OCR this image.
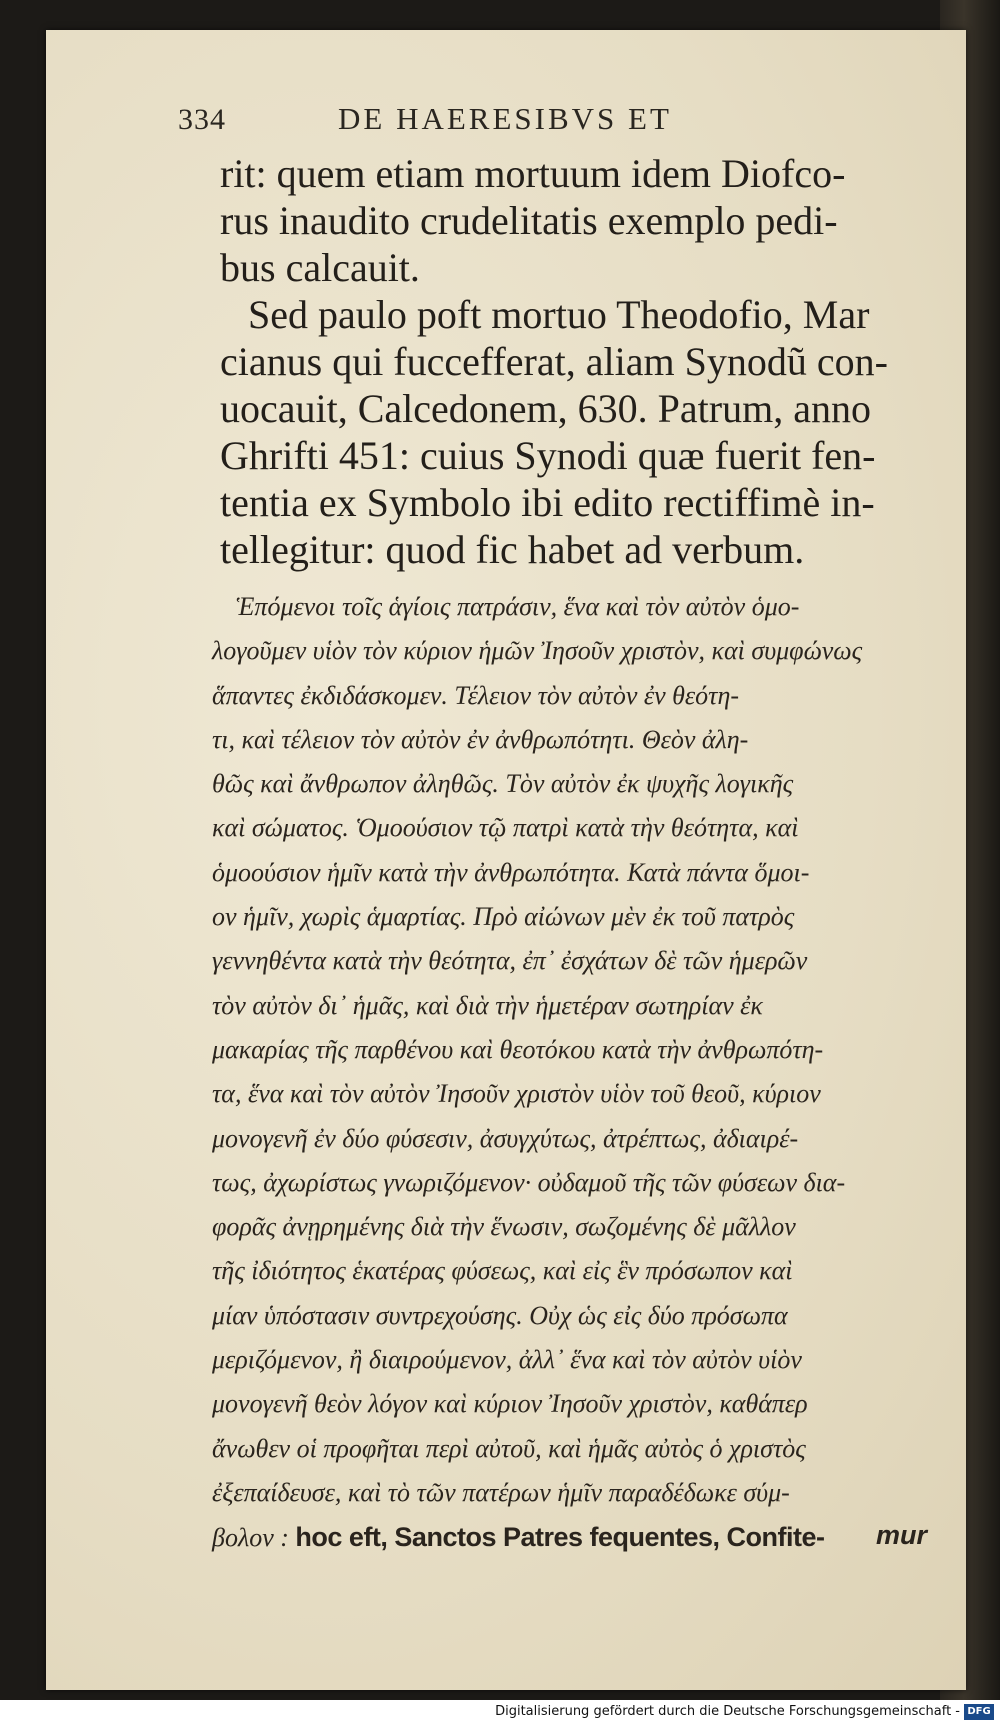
334	DE HAERESIBVS ET
rit: quem etiam mortuum idem Diofco-
rus inaudito crudelitatis exemplo pedi-
bus calcauit.
Sed paulo poft mortuo Theodofio, Mar
cianus qui fuccefferat, aliam Synodũ con-
uocauit, Calcedonem, 630. Patrum, anno
Ghrifti 451: cuius Synodi quæ fuerit fen-
tentia ex Symbolo ibi edito rectiffimè in-
tellegitur: quod fic habet ad verbum.
Ἑπόμενοι τοῖς ἁγίοις πατράσιν, ἕνα καὶ τὸν αὐτὸν ὁμο-
λογοῦμεν υἱὸν τὸν κύριον ἡμῶν Ἰησοῦν χριστὸν, καὶ συμφώνως
ἅπαντες ἐκδιδάσκομεν. Τέλειον τὸν αὐτὸν ἐν θεότη-
τι, καὶ τέλειον τὸν αὐτὸν ἐν ἀνθρωπότητι. Θεὸν ἀλη-
θῶς καὶ ἄνθρωπον ἀληθῶς. Τὸν αὐτὸν ἐκ ψυχῆς λογικῆς
καὶ σώματος. Ὁμοούσιον τῷ πατρὶ κατὰ τὴν θεότητα, καὶ
ὁμοούσιον ἡμῖν κατὰ τὴν ἀνθρωπότητα. Κατὰ πάντα ὅμοι-
ον ἡμῖν, χωρὶς ἁμαρτίας. Πρὸ αἰώνων μὲν ἐκ τοῦ πατρὸς
γεννηθέντα κατὰ τὴν θεότητα, ἐπ᾽ ἐσχάτων δὲ τῶν ἡμερῶν
τὸν αὐτὸν δι᾽ ἡμᾶς, καὶ διὰ τὴν ἡμετέραν σωτηρίαν ἐκ
μακαρίας τῆς παρθένου καὶ θεοτόκου κατὰ τὴν ἀνθρωπότη-
τα, ἕνα καὶ τὸν αὐτὸν Ἰησοῦν χριστὸν υἱὸν τοῦ θεοῦ, κύριον
μονογενῆ ἐν δύο φύσεσιν, ἀσυγχύτως, ἀτρέπτως, ἀδιαιρέ-
τως, ἀχωρίστως γνωριζόμενον· οὐδαμοῦ τῆς τῶν φύσεων δια-
φορᾶς ἀνῃρημένης διὰ τὴν ἕνωσιν, σωζομένης δὲ μᾶλλον
τῆς ἰδιότητος ἑκατέρας φύσεως, καὶ εἰς ἓν πρόσωπον καὶ
μίαν ὑπόστασιν συντρεχούσης. Οὐχ ὡς εἰς δύο πρόσωπα
μεριζόμενον, ἢ διαιρούμενον, ἀλλ᾽ ἕνα καὶ τὸν αὐτὸν υἱὸν
μονογενῆ θεὸν λόγον καὶ κύριον Ἰησοῦν χριστὸν, καθάπερ
ἄνωθεν οἱ προφῆται περὶ αὐτοῦ, καὶ ἡμᾶς αὐτὸς ὁ χριστὸς
ἐξεπαίδευσε, καὶ τὸ τῶν πατέρων ἡμῖν παραδέδωκε σύμ-
βολον : hoc eft, Sanctos Patres fequentes, Confite-	mur
Digitalisierung gefördert durch die Deutsche Forschungsgemeinschaft - DFG
